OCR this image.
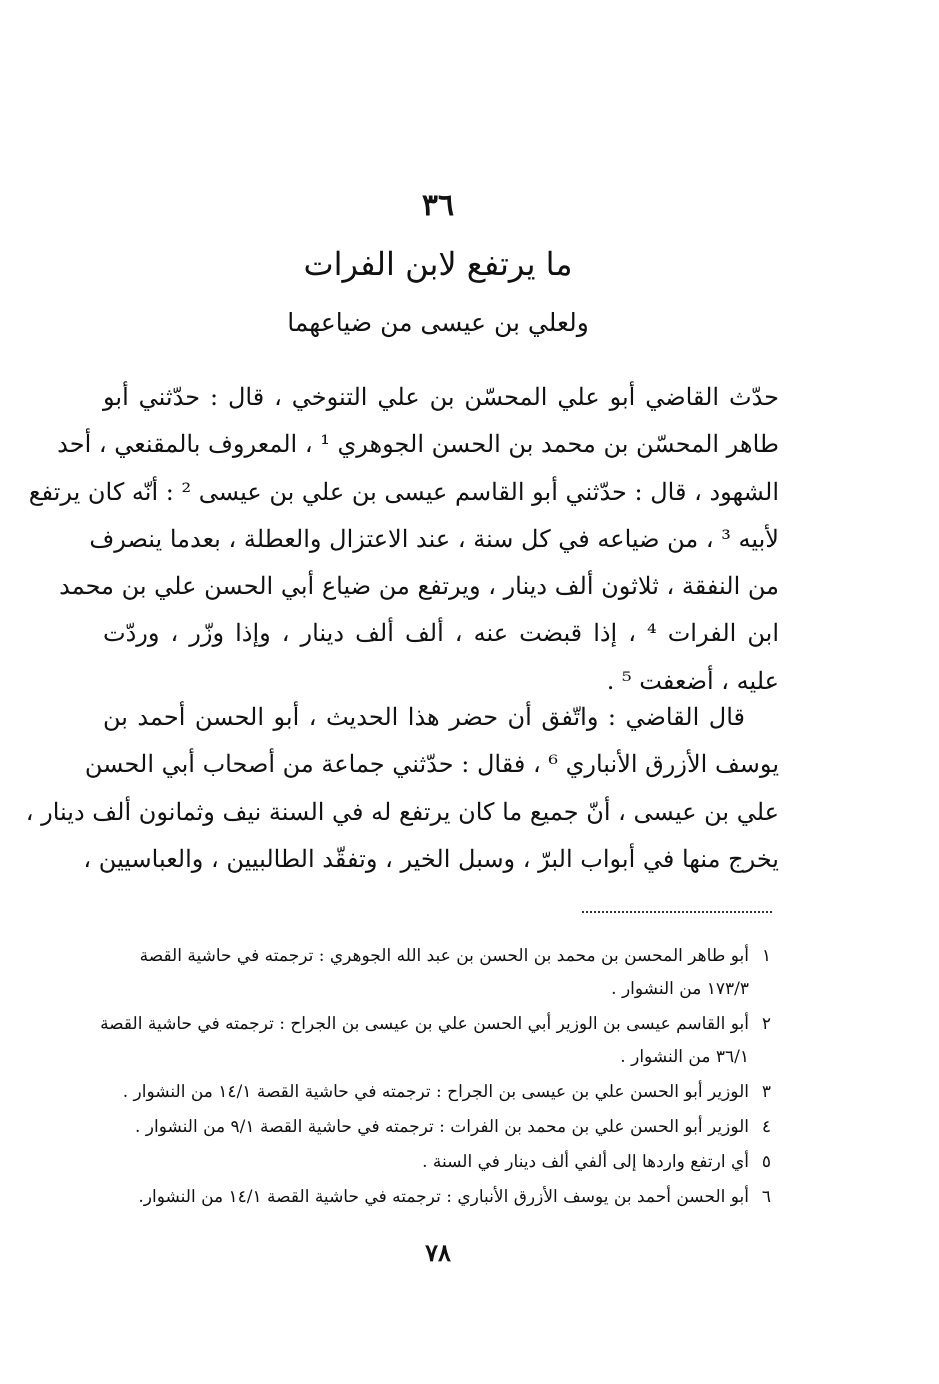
٣٦
ما يرتفع لابن الفرات
ولعلي بن عيسى من ضياعهما
حدّث القاضي أبو علي المحسّن بن علي التنوخي ، قال : حدّثني أبو
طاهر المحسّن بن محمد بن الحسن الجوهري ¹ ، المعروف بالمقنعي ، أحد
الشهود ، قال : حدّثني أبو القاسم عيسى بن علي بن عيسى ² : أنّه كان يرتفع
لأبيه ³ ، من ضياعه في كل سنة ، عند الاعتزال والعطلة ، بعدما ينصرف
من النفقة ، ثلاثون ألف دينار ، ويرتفع من ضياع أبي الحسن علي بن محمد
ابن الفرات ⁴ ، إذا قبضت عنه ، ألف ألف دينار ، وإذا وزّر ، وردّت
عليه ، أضعفت ⁵ .
قال القاضي : واتّفق أن حضر هذا الحديث ، أبو الحسن أحمد بن
يوسف الأزرق الأنباري ⁶ ، فقال : حدّثني جماعة من أصحاب أبي الحسن
علي بن عيسى ، أنّ جميع ما كان يرتفع له في السنة نيف وثمانون ألف دينار ،
يخرج منها في أبواب البرّ ، وسبل الخير ، وتفقّد الطالبيين ، والعباسيين ،
١
أبو طاهر المحسن بن محمد بن الحسن بن عبد الله الجوهري : ترجمته في حاشية القصة ١٧٣/٣ من النشوار .
٢
أبو القاسم عيسى بن الوزير أبي الحسن علي بن عيسى بن الجراح : ترجمته في حاشية القصة ٣٦/١ من النشوار .
٣
الوزير أبو الحسن علي بن عيسى بن الجراح : ترجمته في حاشية القصة ١٤/١ من النشوار .
٤
الوزير أبو الحسن علي بن محمد بن الفرات : ترجمته في حاشية القصة ٩/١ من النشوار .
٥
أي ارتفع واردها إلى ألفي ألف دينار في السنة .
٦
أبو الحسن أحمد بن يوسف الأزرق الأنباري : ترجمته في حاشية القصة ١٤/١ من النشوار.
٧٨
